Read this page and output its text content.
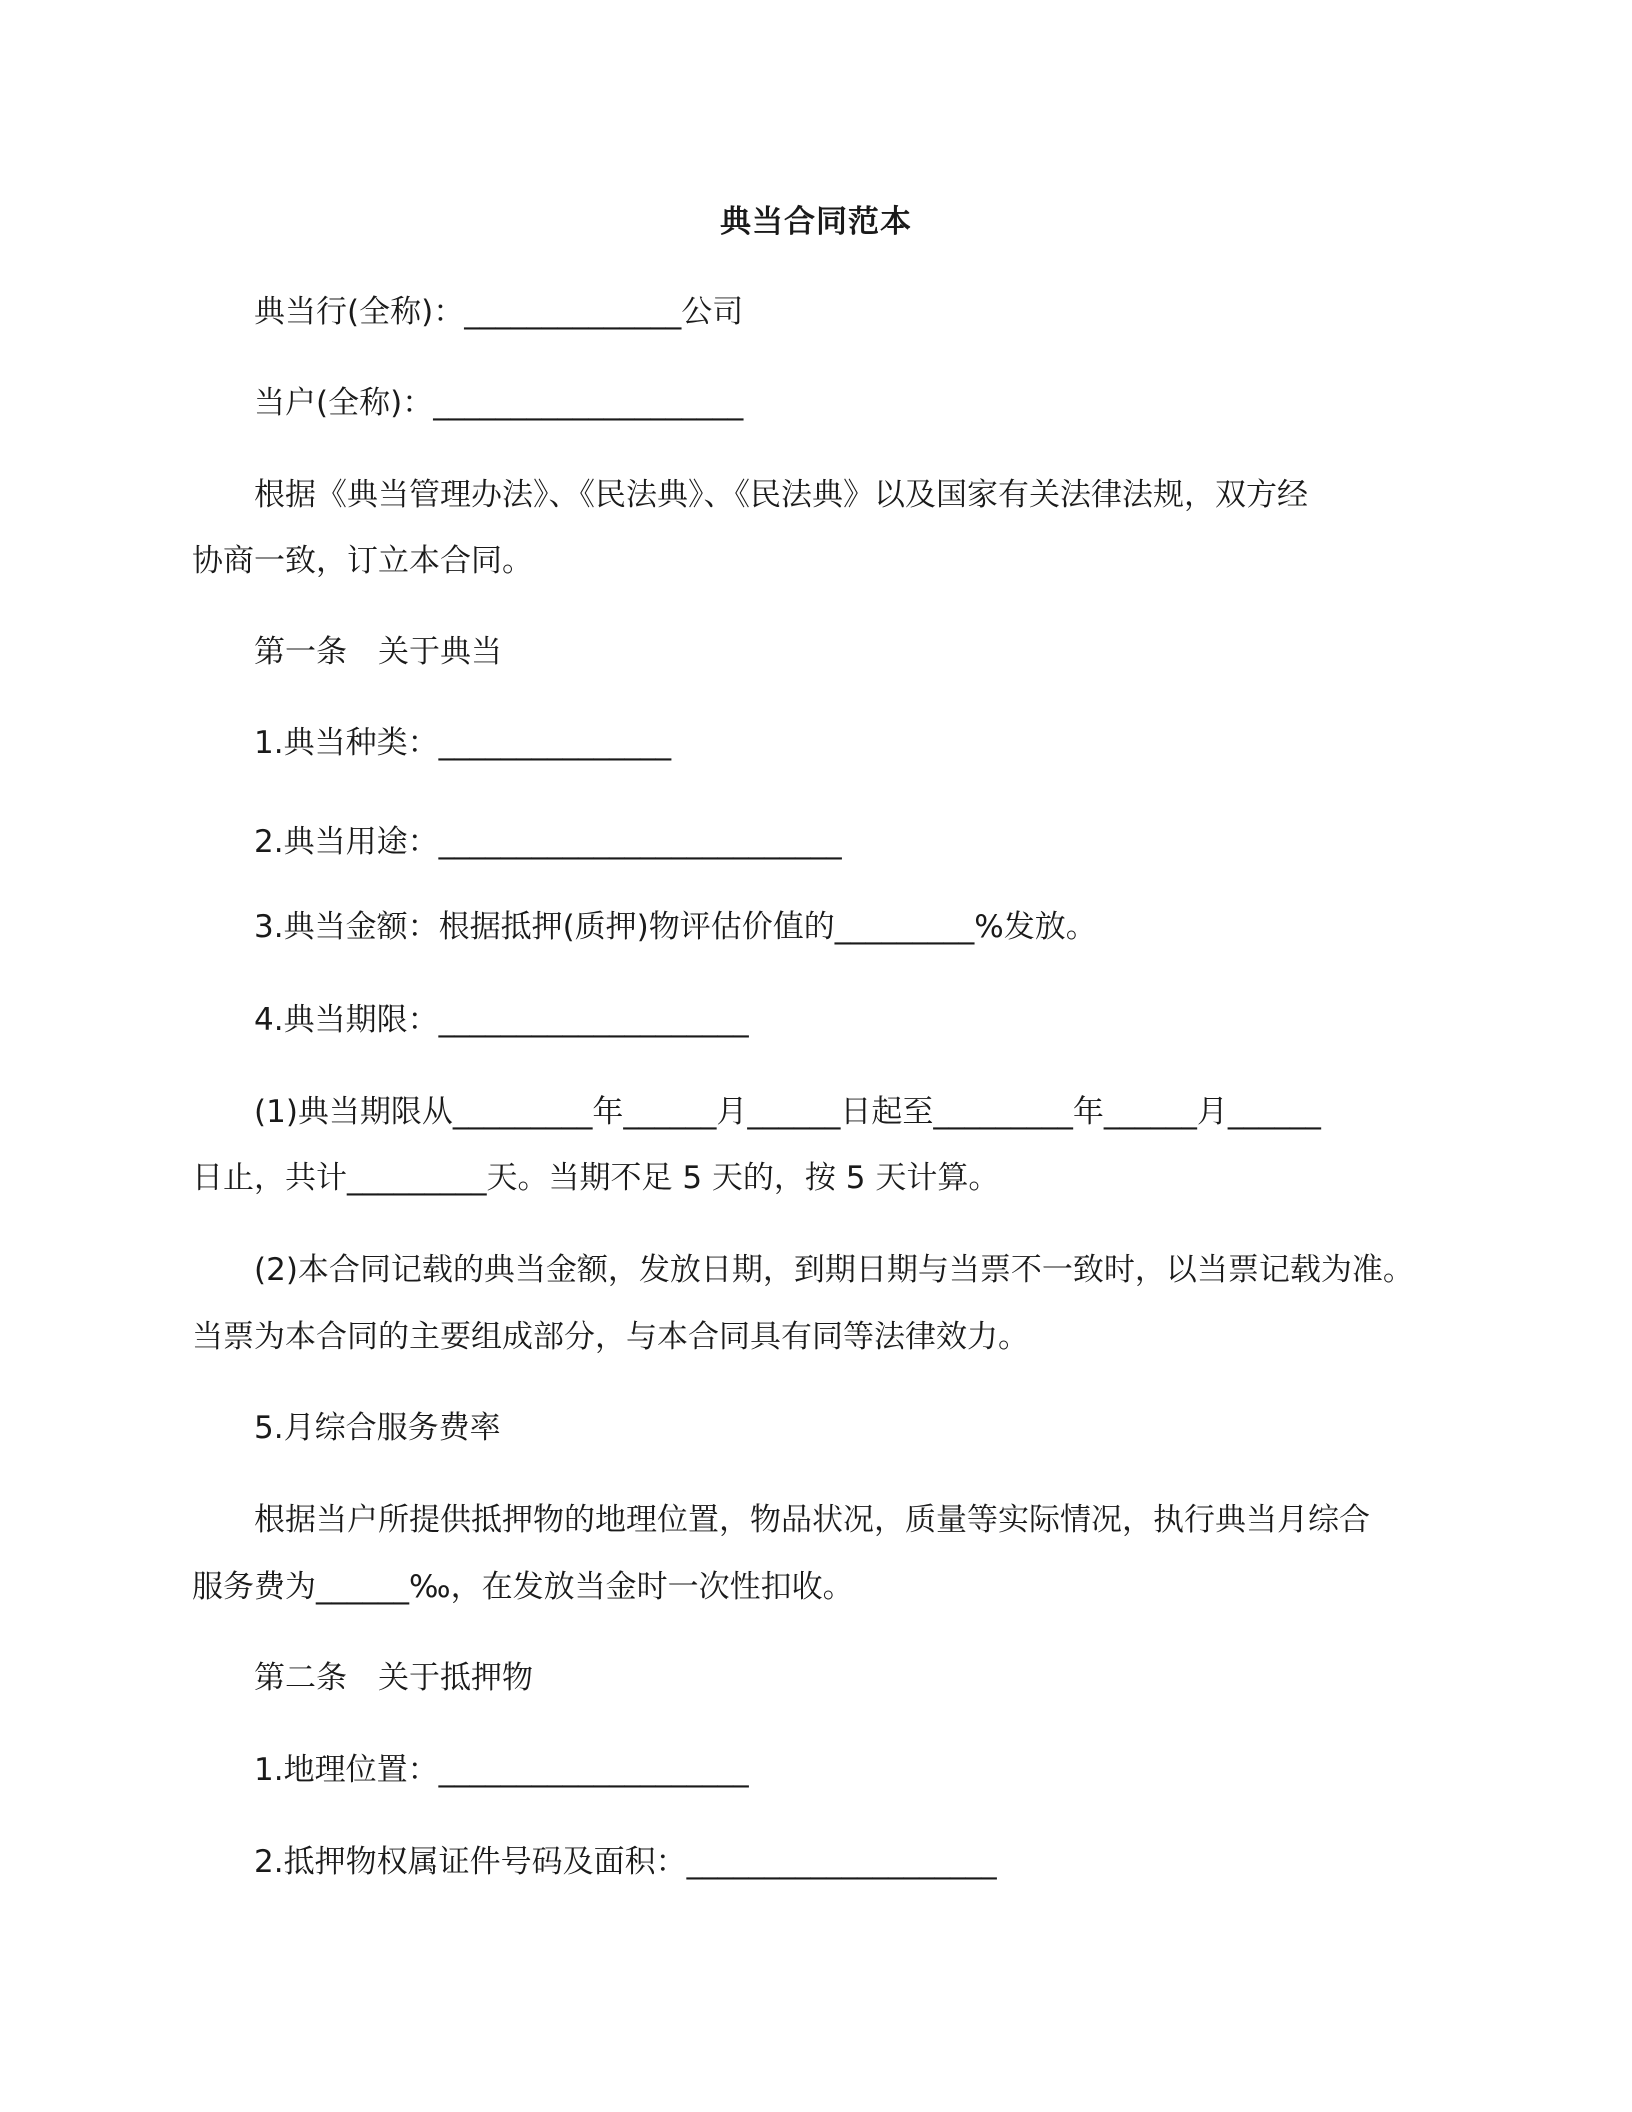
典当合同范本
典当行(全称)：______________公司
当户(全称)：____________________
根据《典当管理办法》、《民法典》、《民法典》以及国家有关法律法规，双方经
协商一致，订立本合同。
第一条　关于典当
1.典当种类：_______________
2.典当用途：__________________________
3.典当金额：根据抵押(质押)物评估价值的_________%发放。
4.典当期限：____________________
(1)典当期限从_________年______月______日起至_________年______月______
日止，共计_________天。当期不足 5 天的，按 5 天计算。
(2)本合同记载的典当金额，发放日期，到期日期与当票不一致时，以当票记载为准。
当票为本合同的主要组成部分，与本合同具有同等法律效力。
5.月综合服务费率
根据当户所提供抵押物的地理位置，物品状况，质量等实际情况，执行典当月综合
服务费为______‰，在发放当金时一次性扣收。
第二条　关于抵押物
1.地理位置：____________________
2.抵押物权属证件号码及面积：____________________
